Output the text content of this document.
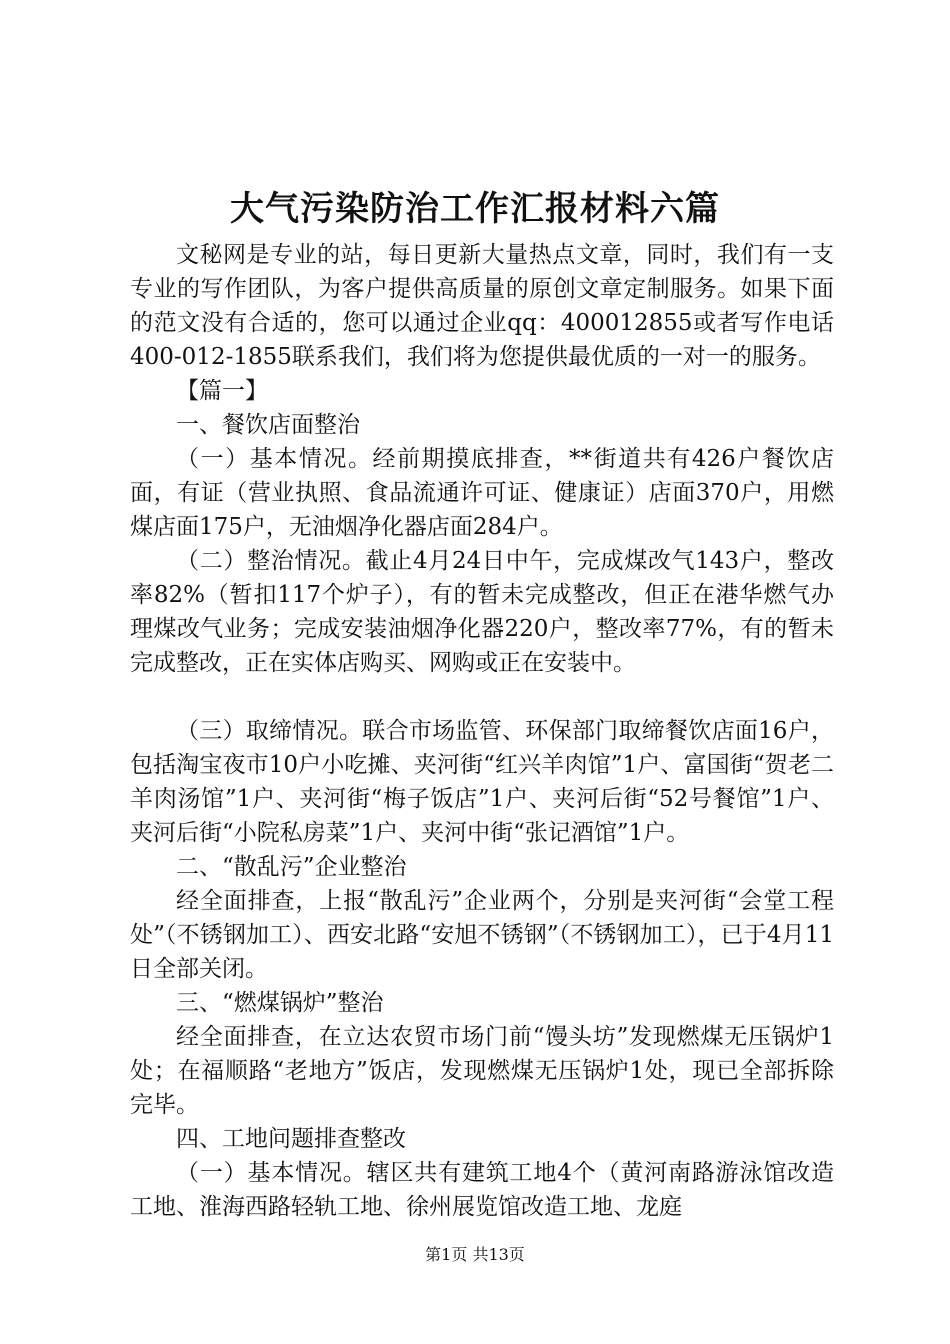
大气污染防治工作汇报材料六篇

文秘网是专业的站，每日更新大量热点文章，同时，我们有一支专业的写作团队，为客户提供高质量的原创文章定制服务。如果下面的范文没有合适的，您可以通过企业qq：400012855或者写作电话400-012-1855联系我们，我们将为您提供最优质的一对一的服务。

【篇一】

一、餐饮店面整治

（一）基本情况。经前期摸底排查，**街道共有426户餐饮店面，有证（营业执照、食品流通许可证、健康证）店面370户，用燃煤店面175户，无油烟净化器店面284户。

（二）整治情况。截止4月24日中午，完成煤改气143户，整改率82%（暂扣117个炉子），有的暂未完成整改，但正在港华燃气办理煤改气业务；完成安装油烟净化器220户，整改率77%，有的暂未完成整改，正在实体店购买、网购或正在安装中。

（三）取缔情况。联合市场监管、环保部门取缔餐饮店面16户，包括淘宝夜市10户小吃摊、夹河街“红兴羊肉馆”1户、富国街“贺老二羊肉汤馆”1户、夹河街“梅子饭店”1户、夹河后街“52号餐馆”1户、夹河后街“小院私房菜”1户、夹河中街“张记酒馆”1户。

二、“散乱污”企业整治

经全面排查，上报“散乱污”企业两个，分别是夹河街“会堂工程处”（不锈钢加工）、西安北路“安旭不锈钢”（不锈钢加工），已于4月11日全部关闭。

三、“燃煤锅炉”整治

经全面排查，在立达农贸市场门前“馒头坊”发现燃煤无压锅炉1处；在福顺路“老地方”饭店，发现燃煤无压锅炉1处，现已全部拆除完毕。

四、工地问题排查整改

（一）基本情况。辖区共有建筑工地4个（黄河南路游泳馆改造工地、淮海西路轻轨工地、徐州展览馆改造工地、龙庭

第1页 共13页
